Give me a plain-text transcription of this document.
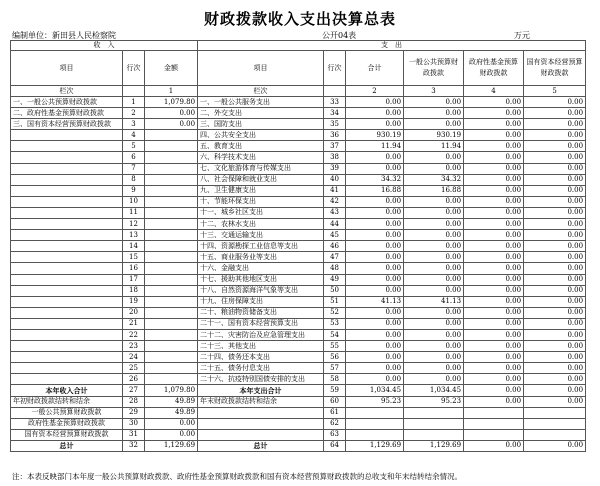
财政拨款收入支出决算总表
编制单位：新田县人民检察院	公开04表	万元
收　入			支　出					
项目	行次	金额	项目	行次	合计	一般公共预算财政拨款	政府性基金预算财政拨款	国有资本经营预算财政拨款
栏次		1	栏次		2	3	4	5
一、一般公共预算财政拨款	1	1,079.80	一、一般公共服务支出	33	0.00	0.00	0.00	0.00
二、政府性基金预算财政拨款	2	0.00	二、外交支出	34	0.00	0.00	0.00	0.00
三、国有资本经营预算财政拨款	3	0.00	三、国防支出	35	0.00	0.00	0.00	0.00
	4		四、公共安全支出	36	930.19	930.19	0.00	0.00
	5		五、教育支出	37	11.94	11.94	0.00	0.00
	6		六、科学技术支出	38	0.00	0.00	0.00	0.00
	7		七、文化旅游体育与传媒支出	39	0.00	0.00	0.00	0.00
	8		八、社会保障和就业支出	40	34.32	34.32	0.00	0.00
	9		九、卫生健康支出	41	16.88	16.88	0.00	0.00
	10		十、节能环保支出	42	0.00	0.00	0.00	0.00
	11		十一、城乡社区支出	43	0.00	0.00	0.00	0.00
	12		十二、农林水支出	44	0.00	0.00	0.00	0.00
	13		十三、交通运输支出	45	0.00	0.00	0.00	0.00
	14		十四、资源勘探工业信息等支出	46	0.00	0.00	0.00	0.00
	15		十五、商业服务业等支出	47	0.00	0.00	0.00	0.00
	16		十六、金融支出	48	0.00	0.00	0.00	0.00
	17		十七、援助其他地区支出	49	0.00	0.00	0.00	0.00
	18		十八、自然资源海洋气象等支出	50	0.00	0.00	0.00	0.00
	19		十九、住房保障支出	51	41.13	41.13	0.00	0.00
	20		二十、粮油物资储备支出	52	0.00	0.00	0.00	0.00
	21		二十一、国有资本经营预算支出	53	0.00	0.00	0.00	0.00
	22		二十二、灾害防治及应急管理支出	54	0.00	0.00	0.00	0.00
	23		二十三、其他支出	55	0.00	0.00	0.00	0.00
	24		二十四、债务还本支出	56	0.00	0.00	0.00	0.00
	25		二十五、债务付息支出	57	0.00	0.00	0.00	0.00
	26		二十六、抗疫特别国债安排的支出	58	0.00	0.00	0.00	0.00
本年收入合计	27	1,079.80	本年支出合计	59	1,034.45	1,034.45	0.00	0.00
年初财政拨款结转和结余	28	49.89	年末财政拨款结转和结余	60	95.23	95.23	0.00	0.00
一般公共预算财政拨款	29	49.89		61				
政府性基金预算财政拨款	30	0.00		62				
国有资本经营预算财政拨款	31	0.00		63				
总计	32	1,129.69	总计	64	1,129.69	1,129.69	0.00	0.00
注：本表反映部门本年度一般公共预算财政拨款、政府性基金预算财政拨款和国有资本经营预算财政拨款的总收支和年末结转结余情况。
